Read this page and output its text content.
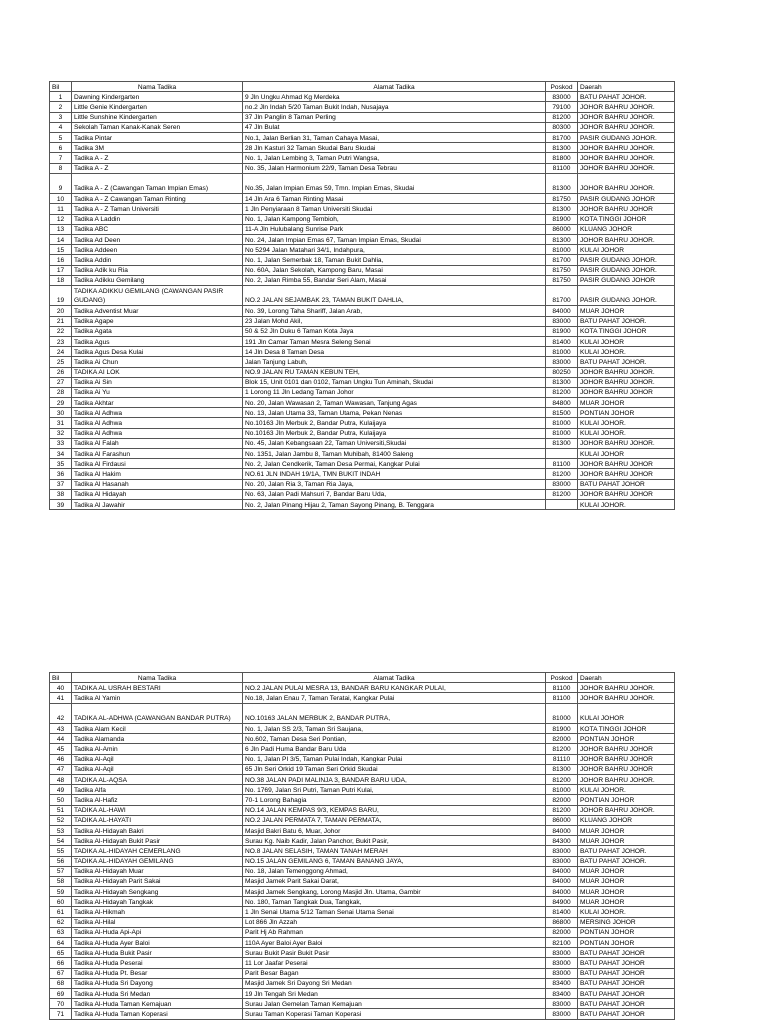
Bil	Nama Tadika	Alamat Tadika	Poskod	Daerah
1	Dawning Kindergarten	9 Jln Ungku Ahmad Kg Merdeka	83000	BATU PAHAT JOHOR.
2	Little Genie Kindergarten	no.2 Jln Indah 5/20 Taman Bukit Indah, Nusajaya	79100	JOHOR BAHRU JOHOR.
3	Little Sunshine Kindergarten	37 Jln Panglin 8 Taman Perling	81200	JOHOR BAHRU JOHOR.
4	Sekolah Taman Kanak-Kanak Seren	47 Jln Bulat	80300	JOHOR BAHRU JOHOR.
5	Tadika Pintar	No.1, Jalan Berlian 31, Taman Cahaya Masai,	81700	PASIR GUDANG JOHOR.
6	Tadika 3M	28 Jln Kasturi 32 Taman Skudai Baru Skudai	81300	JOHOR BAHRU JOHOR.
7	Tadika A - Z	No. 1, Jalan Lembing 3, Taman Putri Wangsa,	81800	JOHOR BAHRU JOHOR.
8	Tadika A - Z	No. 35, Jalan Harmonium 22/9, Taman Desa Tebrau	81100	JOHOR BAHRU JOHOR.
9	Tadika A - Z (Cawangan Taman Impian Emas)	No.35, Jalan Impian Emas 59, Tmn. Impian Emas, Skudai	81300	JOHOR BAHRU JOHOR.
10	Tadika A - Z Cawangan Taman Rinting	14 Jln Ara 6 Taman Rinting Masai	81750	PASIR GUDANG JOHOR
11	Tadika A - Z Taman Universiti	1 Jln Penyiaraan 8 Taman Universiti Skudai	81300	JOHOR BAHRU JOHOR
12	Tadika A Laddin	No. 1, Jalan Kampong Tembioh,	81900	KOTA TINGGI JOHOR
13	Tadika ABC	11-A Jln Hulubalang Sunrise Park	86000	KLUANG JOHOR
14	Tadika Ad Deen	No. 24, Jalan Impian Emas 67, Taman Impian Emas, Skudai	81300	JOHOR BAHRU JOHOR.
15	Tadika Addeen	No 5294 Jalan Matahari 34/1, Indahpura,	81000	KULAI JOHOR
16	Tadika Addin	No. 1, Jalan Semerbak 18, Taman Bukit Dahlia,	81700	PASIR GUDANG JOHOR.
17	Tadika Adik ku Ria	No. 60A, Jalan Sekolah, Kampong Baru, Masai	81750	PASIR GUDANG JOHOR.
18	Tadika Adikku Gemilang	No. 2, Jalan Rimba 55, Bandar Seri Alam, Masai	81750	PASIR GUDANG JOHOR
19	TADIKA ADIKKU GEMILANG (CAWANGAN PASIR GUDANG)	NO.2 JALAN SEJAMBAK 23, TAMAN BUKIT DAHLIA,	81700	PASIR GUDANG JOHOR.
20	Tadika Adventist Muar	No. 39, Lorong Taha Shariff, Jalan Arab,	84000	MUAR JOHOR
21	Tadika Agape	23 Jalan Mohd Akil,	83000	BATU PAHAT JOHOR.
22	Tadika Agata	50 & 52 Jln Duku 6 Taman Kota Jaya	81900	KOTA TINGGI JOHOR
23	Tadika Agus	191 Jln Camar Taman Mesra Seleng Senai	81400	KULAI JOHOR
24	Tadika Agus Desa Kulai	14 Jln Desa 8 Taman Desa	81000	KULAI JOHOR.
25	Tadika Ai Chun	Jalan Tanjung Labuh,	83000	BATU PAHAT JOHOR.
26	TADIKA AI LOK	NO.9 JALAN RU TAMAN KEBUN TEH,	80250	JOHOR BAHRU JOHOR.
27	Tadika Ai Sin	Blok 15, Unit 0101 dan 0102, Taman Ungku Tun Aminah, Skudai	81300	JOHOR BAHRU JOHOR.
28	Tadika Ai Yu	1 Lorong 11 Jln Ledang Taman Johor	81200	JOHOR BAHRU JOHOR
29	Tadika Akhtar	No. 20, Jalan Wawasan 2, Taman Wawasan, Tanjung Agas	84800	MUAR JOHOR
30	Tadika Al Adhwa	No. 13, Jalan Utama 33, Taman Utama, Pekan Nenas	81500	PONTIAN JOHOR
31	Tadika Al Adhwa	No.10163 Jln Merbuk 2, Bandar Putra, Kulaijaya	81000	KULAI JOHOR.
32	Tadika Al Adhwa	No.10163 Jln Merbuk 2, Bandar Putra, Kulaijaya	81000	KULAI JOHOR.
33	Tadika Al Falah	No. 45, Jalan Kebangsaan 22, Taman Universiti,Skudai	81300	JOHOR BAHRU JOHOR.
34	Tadika Al Farashun	No. 1351, Jalan Jambu 8, Taman Muhibah, 81400 Saleng		KULAI JOHOR
35	Tadika Al Firdausi	No. 2, Jalan Cendkerik, Taman Desa Permai, Kangkar Pulai	81100	JOHOR BAHRU JOHOR
36	Tadika Al Hakim	NO.61 JLN INDAH 19/1A, TMN BUKIT INDAH	81200	JOHOR BAHRU JOHOR
37	Tadika Al Hasanah	No. 20, Jalan Ria 3, Taman Ria Jaya,	83000	BATU PAHAT JOHOR
38	Tadika Al Hidayah	No. 63, Jalan Padi Mahsuri 7, Bandar Baru Uda,	81200	JOHOR BAHRU JOHOR
39	Tadika Al Jawahir	No. 2, Jalan Pinang Hijau 2, Taman Sayong Pinang, B. Tenggara		KULAI JOHOR.
Bil	Nama Tadika	Alamat Tadika	Poskod	Daerah
40	TADIKA AL USRAH BESTARI	NO.2 JALAN PULAI MESRA 13, BANDAR BARU KANGKAR PULAI,	81100	JOHOR BAHRU JOHOR.
41	Tadika Al Yamin	No.18, Jalan Enau 7, Taman Teratai, Kangkar Pulai	81100	JOHOR BAHRU JOHOR.
42	TADIKA AL-ADHWA (CAWANGAN BANDAR PUTRA)	NO.10163 JALAN MERBUK 2, BANDAR PUTRA,	81000	KULAI JOHOR
43	Tadika Alam Kecil	No. 1, Jalan SS 2/3, Taman Sri Saujana,	81900	KOTA TINGGI JOHOR
44	Tadika Alamanda	No.602, Taman Desa Seri Pontian,	82000	PONTIAN JOHOR
45	Tadika Al-Amin	6 Jln Padi Huma Bandar Baru Uda	81200	JOHOR BAHRU JOHOR
46	Tadika Al-Aqil	No. 1, Jalan PI 3/5, Taman Pulai Indah, Kangkar Pulai	81110	JOHOR BAHRU JOHOR
47	Tadika Al-Aqil	65 Jln Seri Orkid 19 Taman Seri Orkid Skudai	81300	JOHOR BAHRU JOHOR
48	TADIKA AL-AQSA	NO.38 JALAN PADI MALINJA 3, BANDAR BARU UDA,	81200	JOHOR BAHRU JOHOR.
49	Tadika Alfa	No. 1769, Jalan Sri Putri, Taman Putri Kulai,	81000	KULAI JOHOR.
50	Tadika Al-Hafiz	70-1 Lorong Bahagia	82000	PONTIAN JOHOR
51	TADIKA AL-HAWI	NO.14 JALAN KEMPAS 9/3, KEMPAS BARU,	81200	JOHOR BAHRU JOHOR.
52	TADIKA AL-HAYATI	NO.2 JALAN PERMATA 7, TAMAN PERMATA,	86000	KLUANG JOHOR
53	Tadika Al-Hidayah Bakri	Masjid Bakri Batu 6, Muar, Johor	84000	MUAR JOHOR
54	Tadika Al-Hidayah Bukit Pasir	Surau Kg. Naib Kadir, Jalan Panchor, Bukit Pasir,	84300	MUAR JOHOR
55	TADIKA AL-HIDAYAH CEMERLANG	NO.8 JALAN SELASIH, TAMAN TANAH MERAH	83000	BATU PAHAT JOHOR.
56	TADIKA AL-HIDAYAH GEMILANG	NO.15 JALAN GEMILANG 6, TAMAN BANANG JAYA,	83000	BATU PAHAT JOHOR.
57	Tadika Al-Hidayah Muar	No. 18, Jalan Temenggong Ahmad,	84000	MUAR JOHOR
58	Tadika Al-Hidayah Parit Sakai	Masjid Jamek Parit Sakai Darat,	84000	MUAR JOHOR
59	Tadika Al-Hidayah Sengkang	Masjid Jamek Sengkang, Lorong Masjid Jln. Utama, Gambir	84000	MUAR JOHOR
60	Tadika Al-Hidayah Tangkak	No. 180, Taman Tangkak Dua, Tangkak,	84900	MUAR JOHOR
61	Tadika Al-Hikmah	1 Jln Senai Utama 5/12 Taman Senai Utama Senai	81400	KULAI JOHOR.
62	Tadika Al-Hilal	Lot 866 Jln Azzah	86800	MERSING JOHOR
63	Tadika Al-Huda Api-Api	Parit Hj Ab Rahman	82000	PONTIAN JOHOR
64	Tadika Al-Huda Ayer Baloi	110A Ayer Baloi Ayer Baloi	82100	PONTIAN JOHOR
65	Tadika Al-Huda Bukit Pasir	Surau Bukit Pasir Bukit Pasir	83000	BATU PAHAT JOHOR
66	Tadika Al-Huda Peserai	11 Lor Jaafar Peserai	83000	BATU PAHAT JOHOR
67	Tadika Al-Huda Pt. Besar	Parit Besar Bagan	83000	BATU PAHAT JOHOR
68	Tadika Al-Huda Sri Dayong	Masjid Jamek Sri Dayong Sri Medan	83400	BATU PAHAT JOHOR
69	Tadika Al-Huda Sri Medan	19 Jln Tengah Sri Medan	83400	BATU PAHAT JOHOR
70	Tadika Al-Huda Taman Kemajuan	Surau Jalan Gemelan Taman Kemajuan	83000	BATU PAHAT JOHOR
71	Tadika Al-Huda Taman Koperasi	Surau Taman Koperasi Taman Koperasi	83000	BATU PAHAT JOHOR
